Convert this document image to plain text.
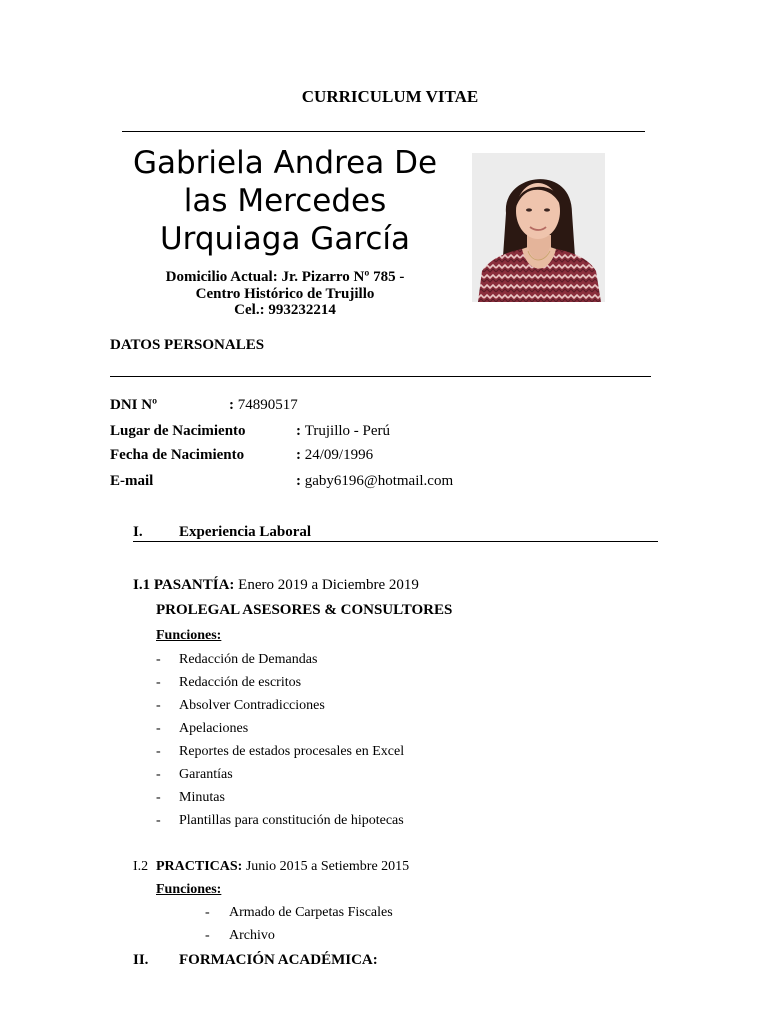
CURRICULUM VITAE
Gabriela Andrea De
las Mercedes
Urquiaga García
Domicilio Actual: Jr. Pizarro Nº 785 -
Centro Histórico de Trujillo
Cel.: 993232214
DATOS PERSONALES
DNI Nº	: 74890517
Lugar de Nacimiento	: Trujillo - Perú
Fecha de Nacimiento	: 24/09/1996
E-mail	: gaby6196@hotmail.com
I. Experiencia Laboral
I.1 PASANTÍA: Enero 2019 a Diciembre 2019
PROLEGAL ASESORES & CONSULTORES
Funciones:
- Redacción de Demandas
- Redacción de escritos
- Absolver Contradicciones
- Apelaciones
- Reportes de estados procesales en Excel
- Garantías
- Minutas
- Plantillas para constitución de hipotecas
I.2 PRACTICAS: Junio 2015 a Setiembre 2015
Funciones:
- Armado de Carpetas Fiscales
- Archivo
II. FORMACIÓN ACADÉMICA:
